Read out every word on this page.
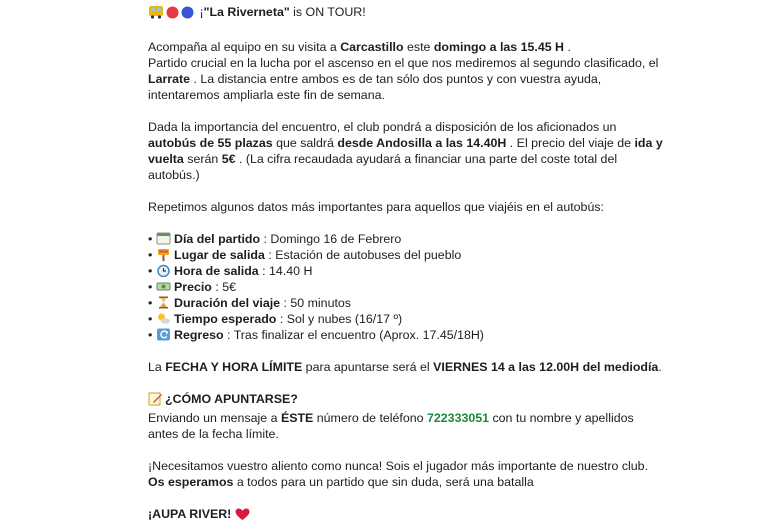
¡"La Riverneta" is ON TOUR!
Acompaña al equipo en su visita a Carcastillo este domingo a las 15.45 H .
Partido crucial en la lucha por el ascenso en el que nos mediremos al segundo clasificado, el
Larrate . La distancia entre ambos es de tan sólo dos puntos y con vuestra ayuda,
intentaremos ampliarla este fin de semana.
Dada la importancia del encuentro, el club pondrá a disposición de los aficionados un
autobús de 55 plazas que saldrá desde Andosilla a las 14.40H . El precio del viaje de ida y
vuelta serán 5€ . (La cifra recaudada ayudará a financiar una parte del coste total del
autobús.)
Repetimos algunos datos más importantes para aquellos que viajéis en el autobús:
• Día del partido : Domingo 16 de Febrero
• Lugar de salida : Estación de autobuses del pueblo
• Hora de salida : 14.40 H
• Precio : 5€
• Duración del viaje : 50 minutos
• Tiempo esperado : Sol y nubes (16/17 º)
• Regreso : Tras finalizar el encuentro (Aprox. 17.45/18H)
La FECHA Y HORA LÍMITE para apuntarse será el VIERNES 14 a las 12.00H del mediodía.
¿CÓMO APUNTARSE?
Enviando un mensaje a ÉSTE número de teléfono 722333051 con tu nombre y apellidos
antes de la fecha límite.
¡Necesitamos vuestro aliento como nunca! Sois el jugador más importante de nuestro club.
Os esperamos a todos para un partido que sin duda, será una batalla
¡AUPA RIVER!
